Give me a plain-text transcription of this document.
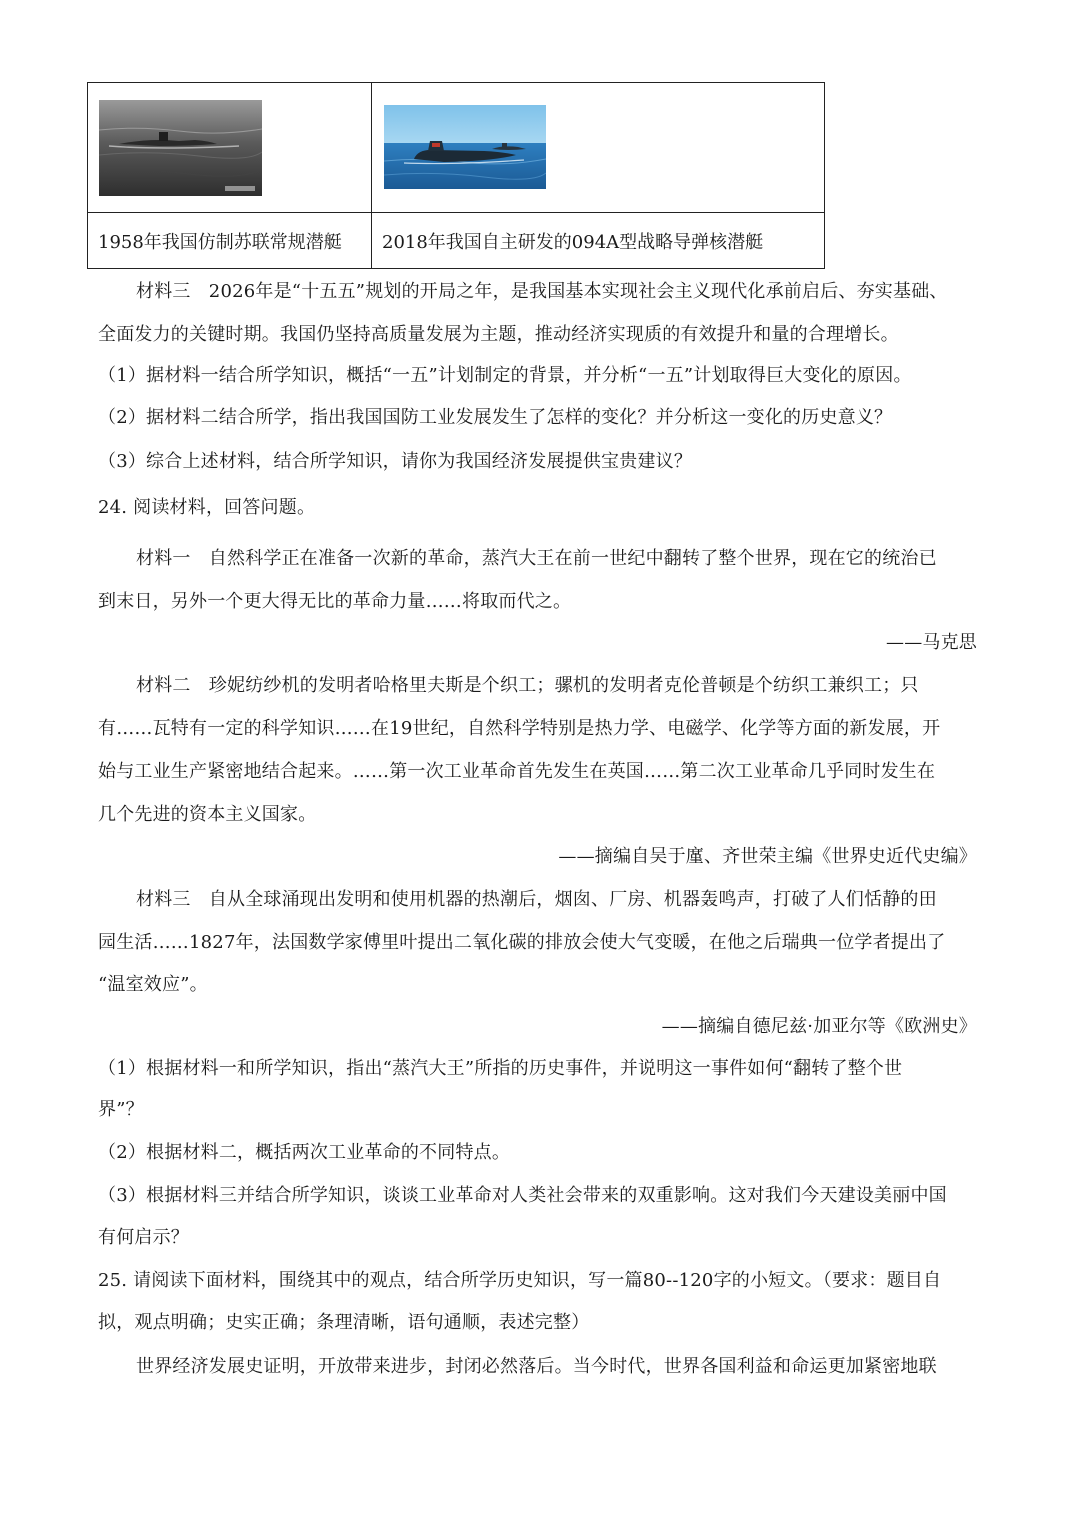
1958年我国仿制苏联常规潜艇	2018年我国自主研发的094A型战略导弹核潜艇
材料三　2026年是“十五五”规划的开局之年，是我国基本实现社会主义现代化承前启后、夯实基础、
全面发力的关键时期。我国仍坚持高质量发展为主题，推动经济实现质的有效提升和量的合理增长。
（1）据材料一结合所学知识，概括“一五”计划制定的背景，并分析“一五”计划取得巨大变化的原因。
（2）据材料二结合所学，指出我国国防工业发展发生了怎样的变化？并分析这一变化的历史意义？
（3）综合上述材料，结合所学知识，请你为我国经济发展提供宝贵建议？
24. 阅读材料，回答问题。
材料一　自然科学正在准备一次新的革命，蒸汽大王在前一世纪中翻转了整个世界，现在它的统治已
到末日，另外一个更大得无比的革命力量……将取而代之。
——马克思
材料二　珍妮纺纱机的发明者哈格里夫斯是个织工；骡机的发明者克伦普顿是个纺织工兼织工；只
有……瓦特有一定的科学知识……在19世纪，自然科学特别是热力学、电磁学、化学等方面的新发展，开
始与工业生产紧密地结合起来。……第一次工业革命首先发生在英国……第二次工业革命几乎同时发生在
几个先进的资本主义国家。
——摘编自吴于廑、齐世荣主编《世界史近代史编》
材料三　自从全球涌现出发明和使用机器的热潮后，烟囱、厂房、机器轰鸣声，打破了人们恬静的田
园生活……1827年，法国数学家傅里叶提出二氧化碳的排放会使大气变暖，在他之后瑞典一位学者提出了
“温室效应”。
——摘编自德尼兹·加亚尔等《欧洲史》
（1）根据材料一和所学知识，指出“蒸汽大王”所指的历史事件，并说明这一事件如何“翻转了整个世
界”？
（2）根据材料二，概括两次工业革命的不同特点。
（3）根据材料三并结合所学知识，谈谈工业革命对人类社会带来的双重影响。这对我们今天建设美丽中国
有何启示？
25. 请阅读下面材料，围绕其中的观点，结合所学历史知识，写一篇80--120字的小短文。（要求：题目自
拟，观点明确；史实正确；条理清晰，语句通顺，表述完整）
世界经济发展史证明，开放带来进步，封闭必然落后。当今时代，世界各国利益和命运更加紧密地联
